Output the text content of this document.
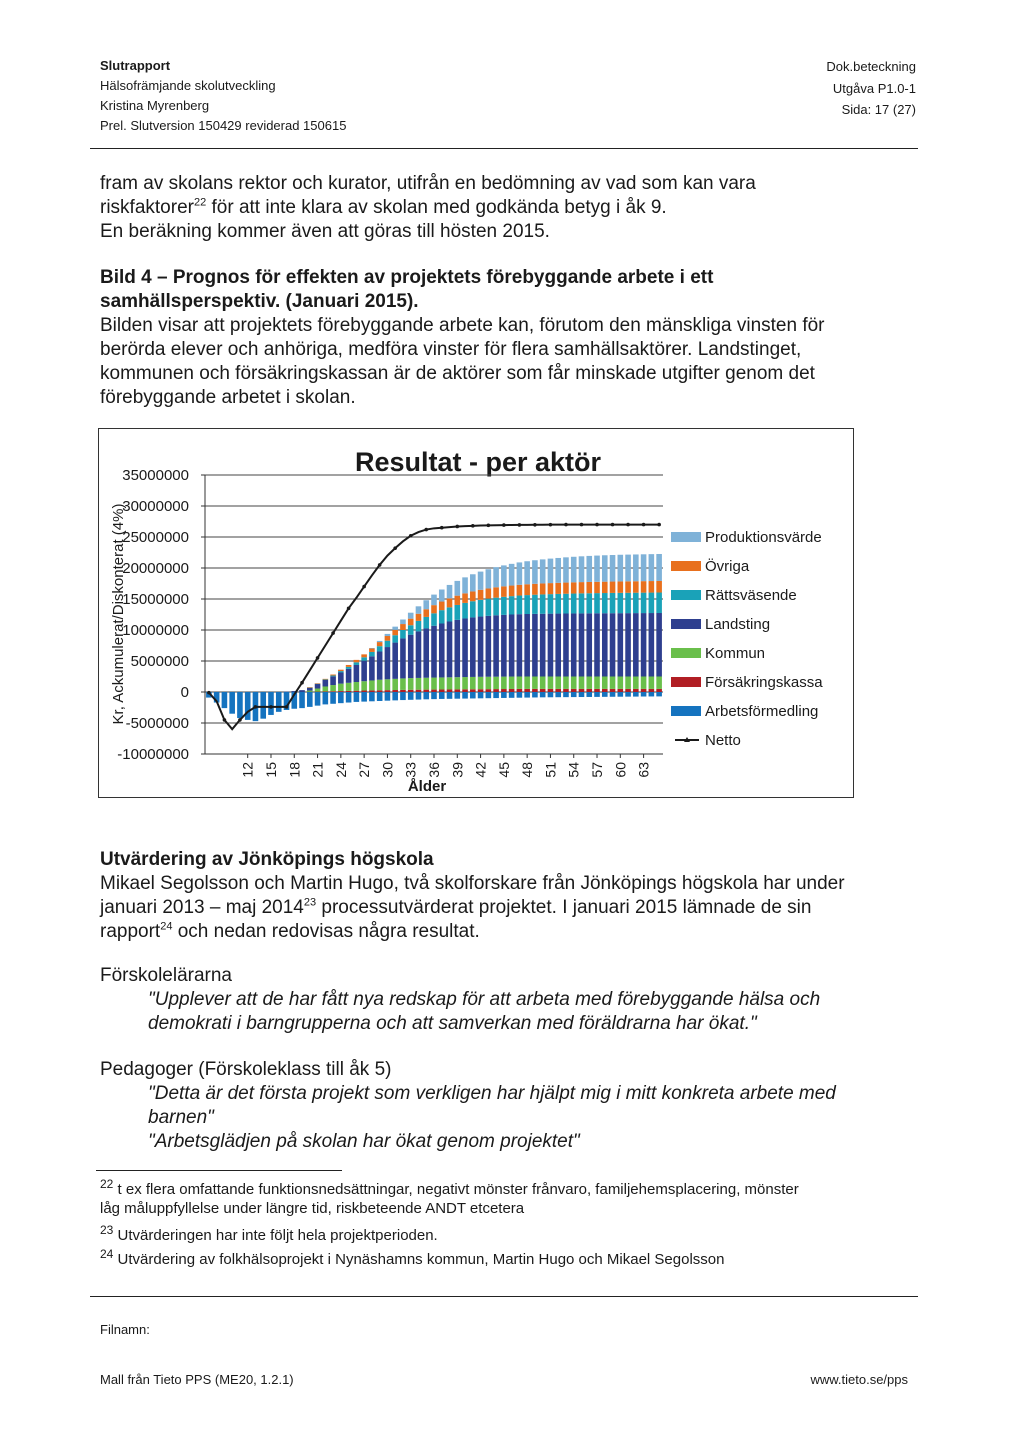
Slutrapport
Hälsofrämjande skolutveckling
Kristina Myrenberg
Prel. Slutversion 150429 reviderad 150615
Dok.beteckning
Utgåva P1.0-1
Sida: 17 (27)
fram av skolans rektor och kurator, utifrån en bedömning av vad som kan vara
riskfaktorer$^{22}$ för att inte klara av skolan med godkända betyg i åk 9.
En beräkning kommer även att göras till hösten 2015.
Bild 4 – Prognos för effekten av projektets förebyggande arbete i ett
samhällsperspektiv. (Januari 2015).
Bilden visar att projektets förebyggande arbete kan, förutom den mänskliga vinsten för
berörda elever och anhöriga, medföra vinster för flera samhällsaktörer. Landstinget,
kommunen och försäkringskassan är de aktörer som får minskade utgifter genom det
förebyggande arbetet i skolan.
Resultat - per aktör
-10000000
-5000000
0
5000000
10000000
15000000
20000000
25000000
30000000
35000000
12 15 18 21 24 27 30 33 36 39 42 45 48 51 54 57 60 63
Produktionsvärde
Övriga
Rättsväsende
Landsting
Kommun
Försäkringskassa
Arbetsförmedling
Netto
Kr, Ackumulerat/Diskonterat (4%)
Ålder
Utvärdering av Jönköpings högskola
Mikael Segolsson och Martin Hugo, två skolforskare från Jönköpings högskola har under
januari 2013 – maj 2014$^{23}$ processutvärderat projektet. I januari 2015 lämnade de sin
rapport$^{24}$ och nedan redovisas några resultat.
Förskolelärarna
"Upplever att de har fått nya redskap för att arbeta med förebyggande hälsa och
demokrati i barngrupperna och att samverkan med föräldrarna har ökat."
Pedagoger (Förskoleklass till åk 5)
"Detta är det första projekt som verkligen har hjälpt mig i mitt konkreta arbete med
barnen"
"Arbetsglädjen på skolan har ökat genom projektet"
$^{22}$ t ex flera omfattande funktionsnedsättningar, negativt mönster frånvaro, familjehemsplacering, mönster
låg måluppfyllelse under längre tid, riskbeteende ANDT etcetera
$^{23}$ Utvärderingen har inte följt hela projektperioden.
$^{24}$ Utvärdering av folkhälsoprojekt i Nynäshamns kommun, Martin Hugo och Mikael Segolsson
Filnamn:
Mall från Tieto PPS (ME20, 1.2.1)	www.tieto.se/pps
